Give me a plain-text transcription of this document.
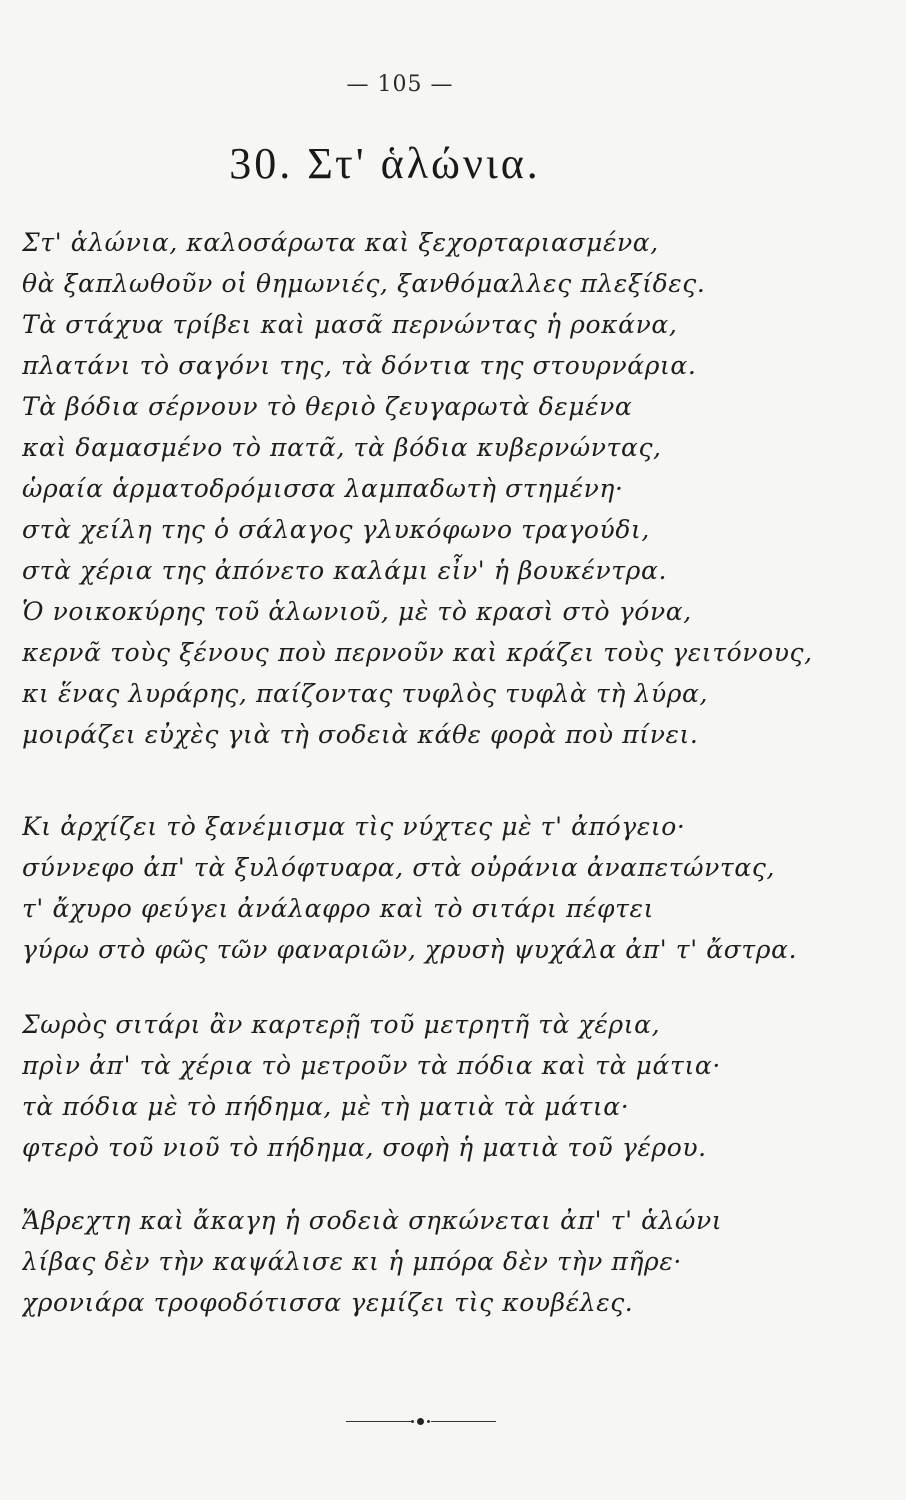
— 105 —
30. Στ' ἁλώνια.
Στ' ἁλώνια, καλοσάρωτα καὶ ξεχορταριασμένα,
θὰ ξαπλωθοῦν οἱ θημωνιές, ξανθόμαλλες πλεξίδες.
Τὰ στάχυα τρίβει καὶ μασᾶ περνώντας ἡ ροκάνα,
πλατάνι τὸ σαγόνι της, τὰ δόντια της στουρνάρια.
Τὰ βόδια σέρνουν τὸ θεριὸ ζευγαρωτὰ δεμένα
καὶ δαμασμένο τὸ πατᾶ, τὰ βόδια κυβερνώντας,
ὡραία ἁρματοδρόμισσα λαμπαδωτὴ στημένη·
στὰ χείλη της ὁ σάλαγος γλυκόφωνο τραγούδι,
στὰ χέρια της ἀπόνετο καλάμι εἶν' ἡ βουκέντρα.
Ὁ νοικοκύρης τοῦ ἁλωνιοῦ, μὲ τὸ κρασὶ στὸ γόνα,
κερνᾶ τοὺς ξένους ποὺ περνοῦν καὶ κράζει τοὺς γειτόνους,
κι ἕνας λυράρης, παίζοντας τυφλὸς τυφλὰ τὴ λύρα,
μοιράζει εὐχὲς γιὰ τὴ σοδειὰ κάθε φορὰ ποὺ πίνει.
Κι ἀρχίζει τὸ ξανέμισμα τὶς νύχτες μὲ τ' ἀπόγειο·
σύννεφο ἀπ' τὰ ξυλόφτυαρα, στὰ οὐράνια ἀναπετώντας,
τ' ἄχυρο φεύγει ἀνάλαφρο καὶ τὸ σιτάρι πέφτει
γύρω στὸ φῶς τῶν φαναριῶν, χρυσὴ ψυχάλα ἀπ' τ' ἄστρα.
Σωρὸς σιτάρι ἂν καρτερῇ τοῦ μετρητῆ τὰ χέρια,
πρὶν ἀπ' τὰ χέρια τὸ μετροῦν τὰ πόδια καὶ τὰ μάτια·
τὰ πόδια μὲ τὸ πήδημα, μὲ τὴ ματιὰ τὰ μάτια·
φτερὸ τοῦ νιοῦ τὸ πήδημα, σοφὴ ἡ ματιὰ τοῦ γέρου.
Ἄβρεχτη καὶ ἄκαγη ἡ σοδειὰ σηκώνεται ἀπ' τ' ἁλώνι
λίβας δὲν τὴν καψάλισε κι ἡ μπόρα δὲν τὴν πῆρε·
χρονιάρα τροφοδότισσα γεμίζει τὶς κουβέλες.
